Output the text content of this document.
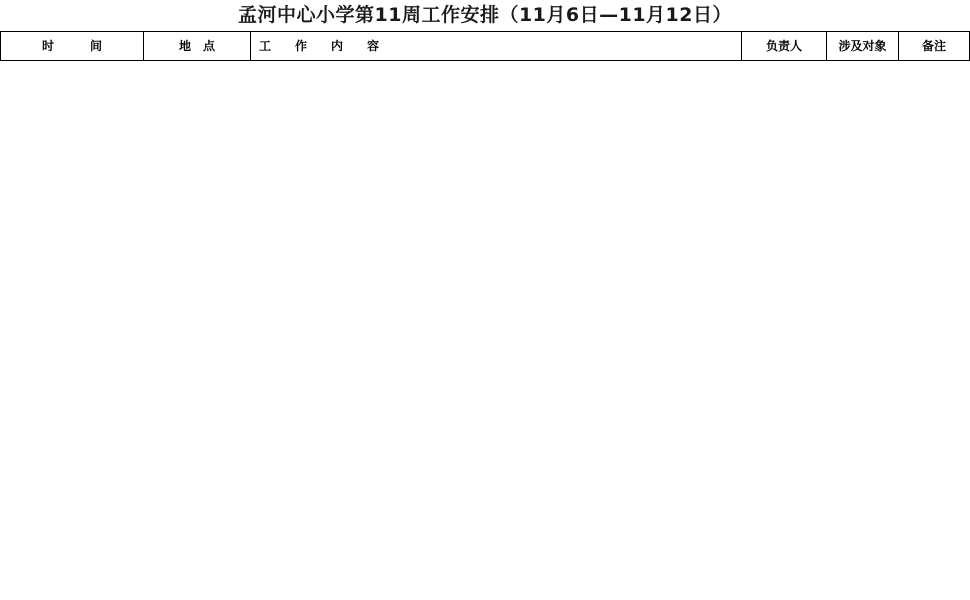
孟河中心小学第11周工作安排（11月6日—11月12日）
时　　　间	地　点	工　　作　　内　　容	负责人	涉及对象	备注
